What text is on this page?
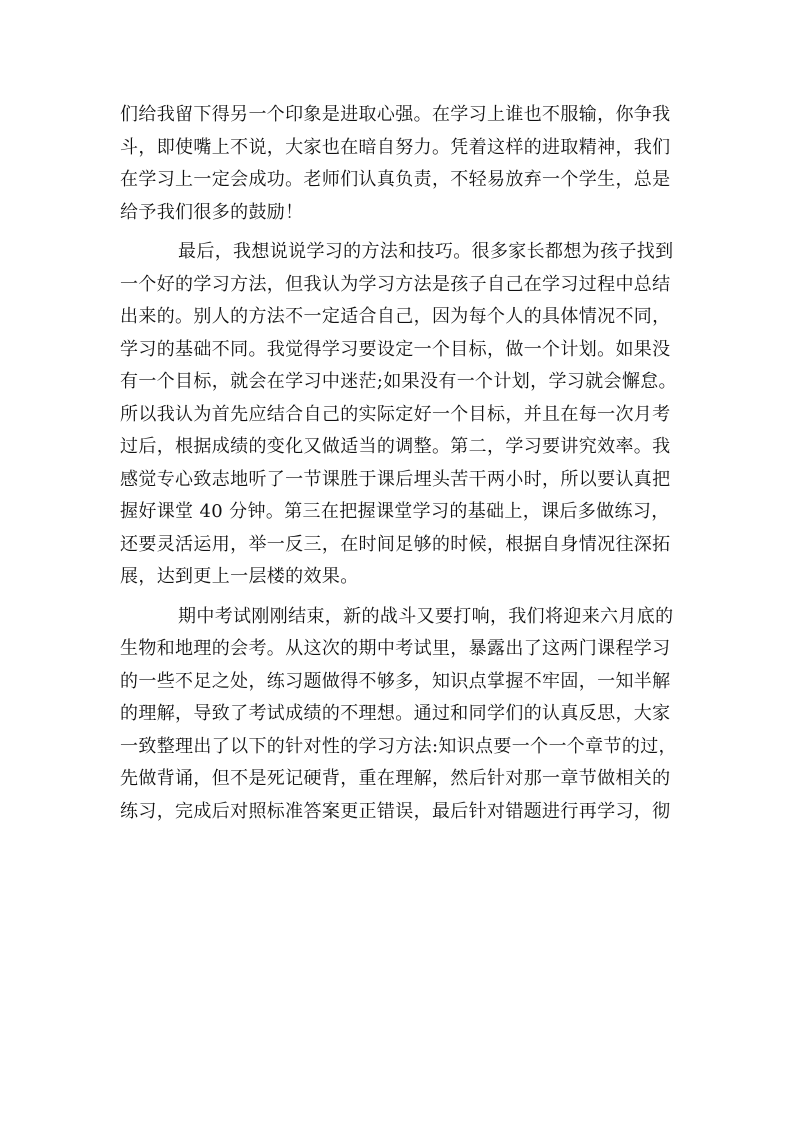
们给我留下得另一个印象是进取心强。在学习上谁也不服输，你争我
斗，即使嘴上不说，大家也在暗自努力。凭着这样的进取精神，我们
在学习上一定会成功。老师们认真负责，不轻易放弃一个学生，总是
给予我们很多的鼓励！
最后，我想说说学习的方法和技巧。很多家长都想为孩子找到
一个好的学习方法，但我认为学习方法是孩子自己在学习过程中总结
出来的。别人的方法不一定适合自己，因为每个人的具体情况不同，
学习的基础不同。我觉得学习要设定一个目标，做一个计划。如果没
有一个目标，就会在学习中迷茫;如果没有一个计划，学习就会懈怠。
所以我认为首先应结合自己的实际定好一个目标，并且在每一次月考
过后，根据成绩的变化又做适当的调整。第二，学习要讲究效率。我
感觉专心致志地听了一节课胜于课后埋头苦干两小时，所以要认真把
握好课堂 40 分钟。第三在把握课堂学习的基础上，课后多做练习，
还要灵活运用，举一反三，在时间足够的时候，根据自身情况往深拓
展，达到更上一层楼的效果。
期中考试刚刚结束，新的战斗又要打响，我们将迎来六月底的
生物和地理的会考。从这次的期中考试里，暴露出了这两门课程学习
的一些不足之处，练习题做得不够多，知识点掌握不牢固，一知半解
的理解，导致了考试成绩的不理想。通过和同学们的认真反思，大家
一致整理出了以下的针对性的学习方法:知识点要一个一个章节的过，
先做背诵，但不是死记硬背，重在理解，然后针对那一章节做相关的
练习，完成后对照标准答案更正错误，最后针对错题进行再学习，彻
